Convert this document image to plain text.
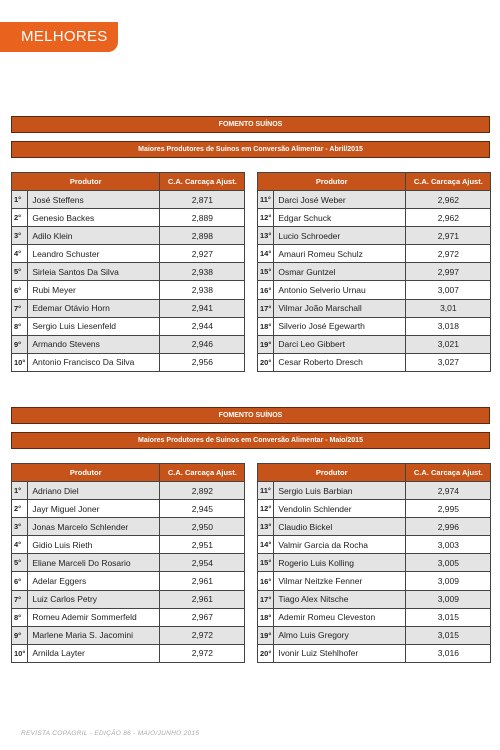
MELHORES
FOMENTO SUÍNOS
Maiores Produtores de Suinos em Conversão Alimentar - Abril/2015
Produtor		C.A. Carcaça Ajust.
1°	José Steffens	2,871
2°	Genesio Backes	2,889
3°	Adilo Klein	2,898
4°	Leandro Schuster	2,927
5°	Sirleia Santos Da Silva	2,938
6°	Rubi Meyer	2,938
7°	Edemar Otávio Horn	2,941
8°	Sergio Luis Liesenfeld	2,944
9°	Armando Stevens	2,946
10°	Antonio Francisco Da Silva	2,956
Produtor		C.A. Carcaça Ajust.
11°	Darci José Weber	2,962
12°	Edgar Schuck	2,962
13°	Lucio Schroeder	2,971
14°	Amauri Romeu Schulz	2,972
15°	Osmar Guntzel	2,997
16°	Antonio Selverio Urnau	3,007
17°	Vilmar João Marschall	3,01
18°	Silverio José Egewarth	3,018
19°	Darci Leo Gibbert	3,021
20°	Cesar Roberto Dresch	3,027
FOMENTO SUÍNOS
Maiores Produtores de Suinos em Conversão Alimentar - Maio/2015
Produtor		C.A. Carcaça Ajust.
1°	Adriano Diel	2,892
2°	Jayr Miguel Joner	2,945
3°	Jonas Marcelo Schlender	2,950
4°	Gidio Luis Rieth	2,951
5°	Eliane Marceli Do Rosario	2,954
6°	Adelar Eggers	2,961
7°	Luiz Carlos Petry	2,961
8°	Romeu Ademir Sommerfeld	2,967
9°	Marlene Maria S. Jacomini	2,972
10°	Arnilda Layter	2,972
Produtor		C.A. Carcaça Ajust.
11°	Sergio Luis Barbian	2,974
12°	Vendolin Schlender	2,995
13°	Claudio Bickel	2,996
14°	Valmir Garcia da Rocha	3,003
15°	Rogerio Luis Kolling	3,005
16°	Vilmar Neitzke Fenner	3,009
17°	Tiago Alex Nitsche	3,009
18°	Ademir Romeu Cleveston	3,015
19°	Almo Luis Gregory	3,015
20°	Ivonir Luiz Stehlhofer	3,016
REVISTA COPAGRIL - EDIÇÃO 86 - MAIO/JUNHO 2015
